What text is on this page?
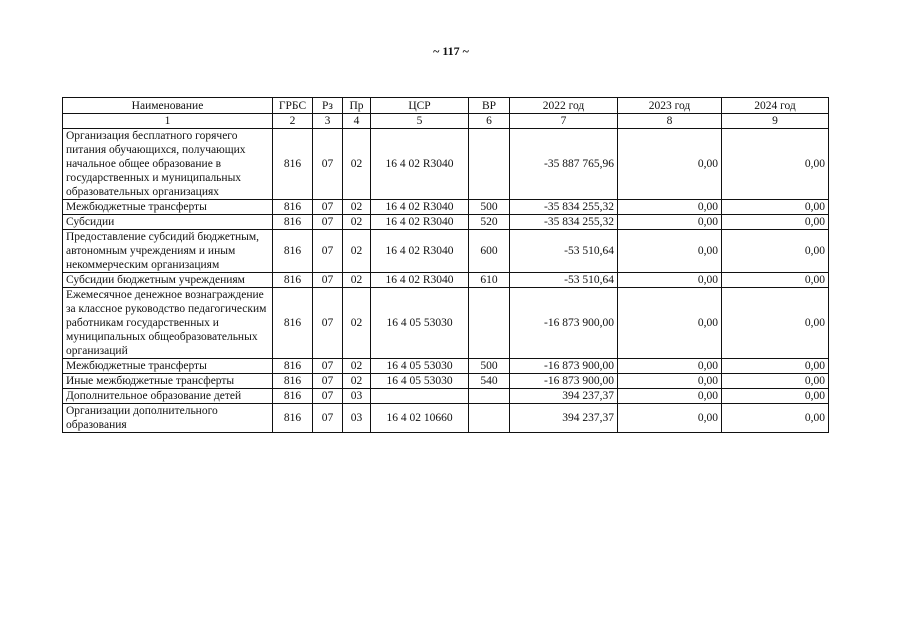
~ 117 ~
Наименование	ГРБС	Рз	Пр	ЦСР	ВР	2022 год	2023 год	2024 год
1	2	3	4	5	6	7	8	9
Организация бесплатного горячего питания обучающихся, получающих начальное общее образование в государственных и муниципальных образовательных организациях	816	07	02	16 4 02 R3040		-35 887 765,96	0,00	0,00
Межбюджетные трансферты	816	07	02	16 4 02 R3040	500	-35 834 255,32	0,00	0,00
Субсидии	816	07	02	16 4 02 R3040	520	-35 834 255,32	0,00	0,00
Предоставление субсидий бюджетным, автономным учреждениям и иным некоммерческим организациям	816	07	02	16 4 02 R3040	600	-53 510,64	0,00	0,00
Субсидии бюджетным учреждениям	816	07	02	16 4 02 R3040	610	-53 510,64	0,00	0,00
Ежемесячное денежное вознаграждение за классное руководство педагогическим работникам государственных и муниципальных общеобразовательных организаций	816	07	02	16 4 05 53030		-16 873 900,00	0,00	0,00
Межбюджетные трансферты	816	07	02	16 4 05 53030	500	-16 873 900,00	0,00	0,00
Иные межбюджетные трансферты	816	07	02	16 4 05 53030	540	-16 873 900,00	0,00	0,00
Дополнительное образование детей	816	07	03			394 237,37	0,00	0,00
Организации дополнительного образования	816	07	03	16 4 02 10660		394 237,37	0,00	0,00
